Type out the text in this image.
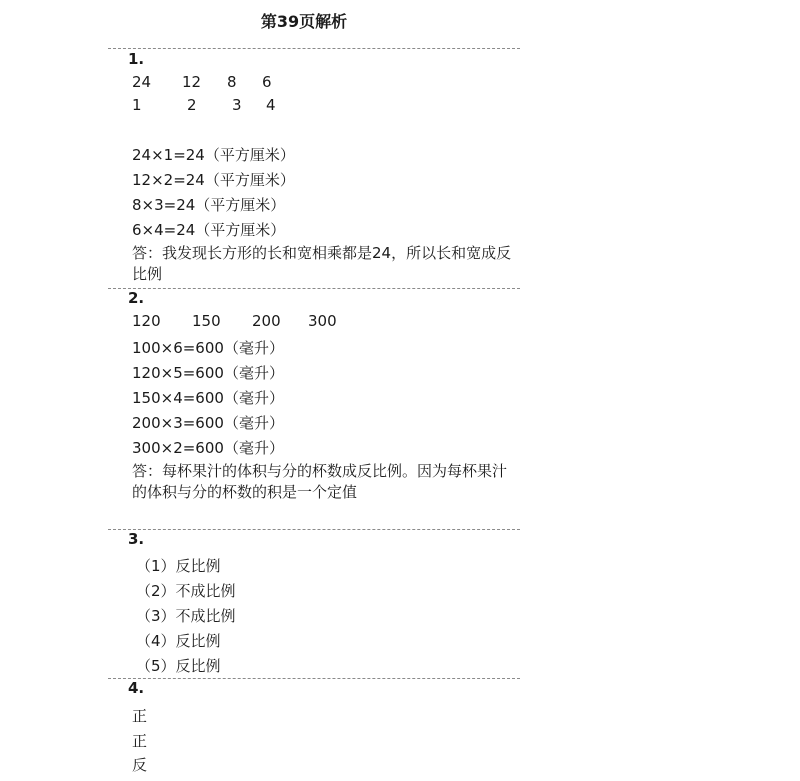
第39页解析
1.
24 12 8 6
1	2 3 4
24×1=24（平方厘米）
12×2=24（平方厘米）
8×3=24（平方厘米）
6×4=24（平方厘米）
答：我发现长方形的长和宽相乘都是24，所以长和宽成反比例
2.
120 150 200 300
100×6=600（毫升）
120×5=600（毫升）
150×4=600（毫升）
200×3=600（毫升）
300×2=600（毫升）
答：每杯果汁的体积与分的杯数成反比例。因为每杯果汁的体积与分的杯数的积是一个定值
3.
（1）反比例
（2）不成比例
（3）不成比例
（4）反比例
（5）反比例
4.
正
正
反
